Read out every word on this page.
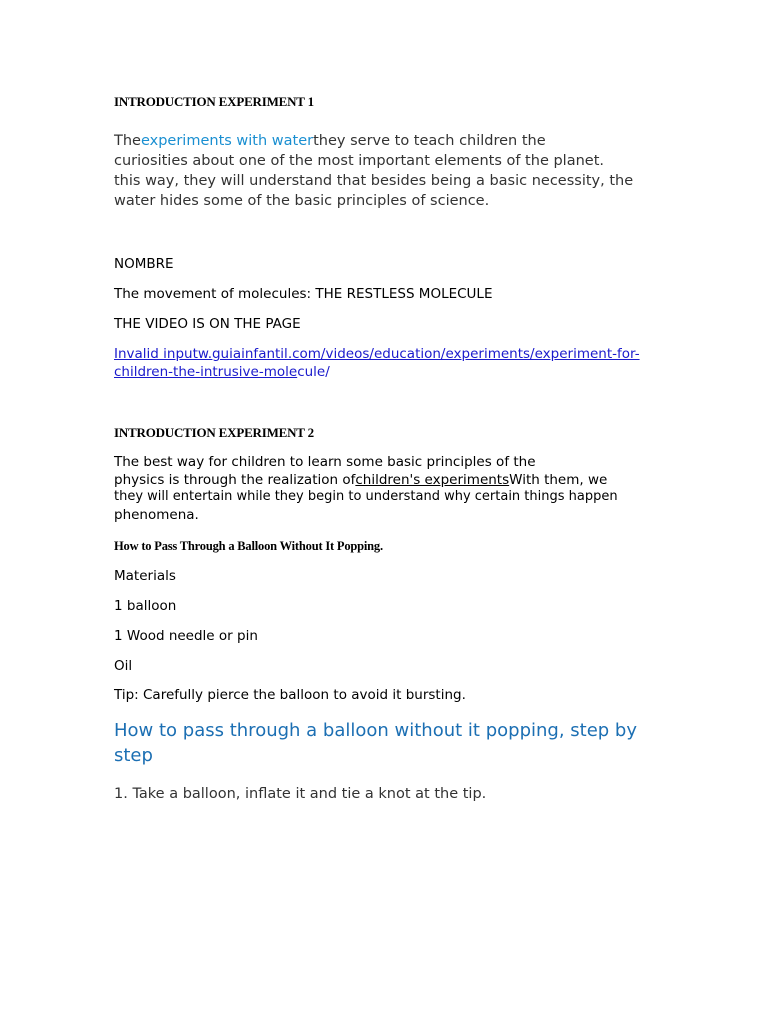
INTRODUCTION EXPERIMENT 1

Theexperiments with waterthey serve to teach children the

curiosities about one of the most important elements of the planet.

this way, they will understand that besides being a basic necessity, the

water hides some of the basic principles of science.

NOMBRE

The movement of molecules: THE RESTLESS MOLECULE

THE VIDEO IS ON THE PAGE

Invalid inputw.guiainfantil.com/videos/education/experiments/experiment-for-

children-the-intrusive-molecule/

INTRODUCTION EXPERIMENT 2

The best way for children to learn some basic principles of the

physics is through the realization ofchildren's experimentsWith them, we

they will entertain while they begin to understand why certain things happen

phenomena.

How to Pass Through a Balloon Without It Popping.

Materials

1 balloon

1 Wood needle or pin

Oil

Tip: Carefully pierce the balloon to avoid it bursting.

How to pass through a balloon without it popping, step by
step

1. Take a balloon, inflate it and tie a knot at the tip.
